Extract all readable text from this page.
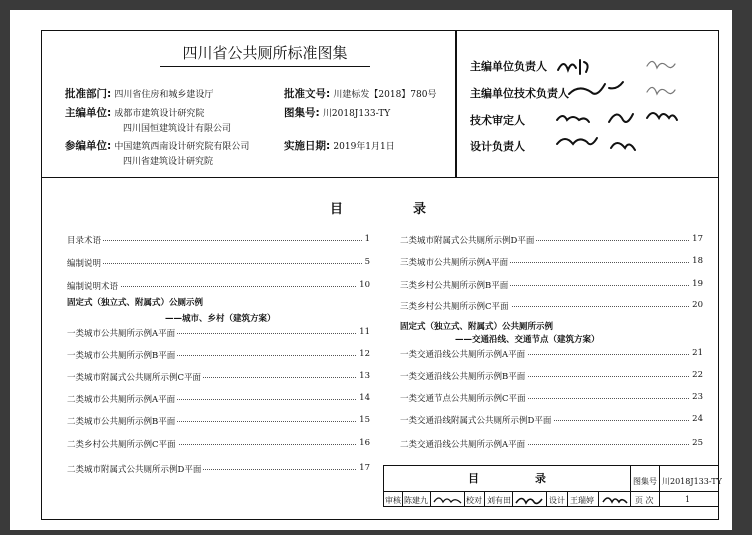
四川省公共厕所标准图集
批准部门: 四川省住房和城乡建设厅	批准文号: 川建标发【2018】780号
主编单位: 成都市建筑设计研究院
四川国恒建筑设计有限公司
图集号: 川2018J133-TY
参编单位: 中国建筑西南设计研究院有限公司
四川省建筑设计研究院
实施日期: 2019年1月1日
主编单位负责人
主编单位技术负责人
技术审定人
设计负责人
目	录
目录术语	1
编制说明	5
编制说明术语	10
固定式（独立式、附属式）公厕示例
——城市、乡村（建筑方案）
一类城市公共厕所示例A平面	11
一类城市公共厕所示例B平面	12
一类城市附属式公共厕所示例C平面	13
二类城市公共厕所示例A平面	14
二类城市公共厕所示例B平面	15
二类乡村公共厕所示例C平面	16
二类城市附属式公共厕所示例D平面	17
二类城市附属式公共厕所示例D平面	17
三类城市公共厕所示例A平面	18
三类乡村公共厕所示例B平面	19
三类乡村公共厕所示例C平面	20
固定式（独立式、附属式）公共厕所示例
——交通沿线、交通节点（建筑方案）
一类交通沿线公共厕所示例A平面	21
一类交通沿线公共厕所示例B平面	22
一类交通节点公共厕所示例C平面	23
一类交通沿线附属式公共厕所示例D平面	24
二类交通沿线公共厕所示例A平面	25
目	录	图集号 川2018J133-TY
审核 陈建九	校对 刘有田	设计 王瑞婷	页 次	1
